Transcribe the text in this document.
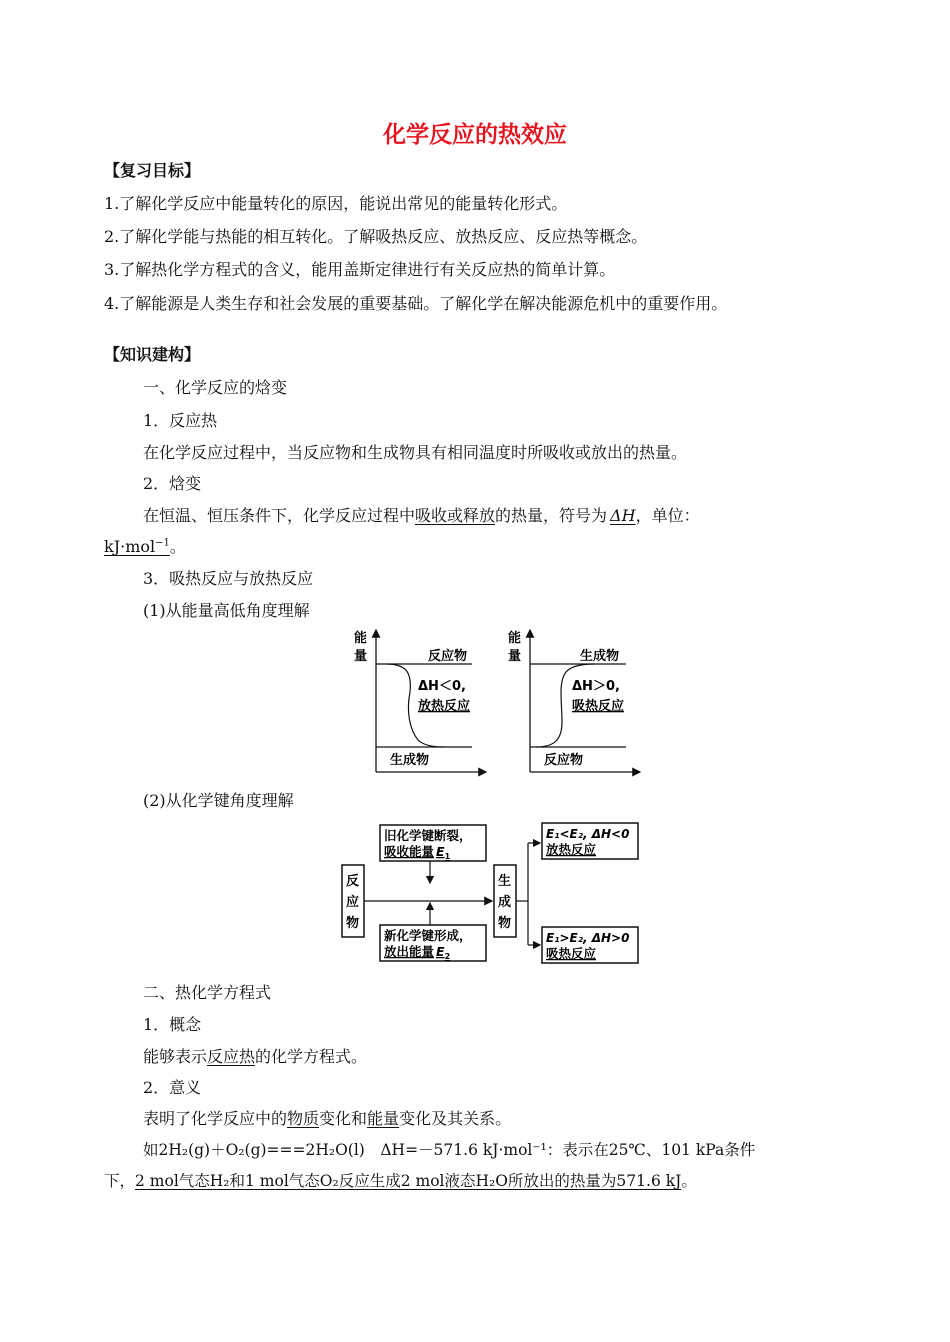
化学反应的热效应
【复习目标】
1.了解化学反应中能量转化的原因，能说出常见的能量转化形式。
2.了解化学能与热能的相互转化。了解吸热反应、放热反应、反应热等概念。
3.了解热化学方程式的含义，能用盖斯定律进行有关反应热的简单计算。
4.了解能源是人类生存和社会发展的重要基础。了解化学在解决能源危机中的重要作用。
【知识建构】
一、化学反应的焓变
1．反应热
在化学反应过程中，当反应物和生成物具有相同温度时所吸收或放出的热量。
2．焓变
在恒温、恒压条件下，化学反应过程中吸收或释放的热量，符号为 ΔH，单位：
kJ·mol$^{-1}$。
3．吸热反应与放热反应
(1)从能量高低角度理解
能
量	反应物
ΔH＜0,
放热反应
生成物
能
量	生成物
ΔH＞0,
吸热反应
反应物
(2)从化学键角度理解
反
应
物
旧化学键断裂，
吸收能量 $E_1$
新化学键形成，
放出能量 $E_2$
生
成
物
E₁<E₂, ΔH<0
放热反应
E₁>E₂, ΔH>0
吸热反应
二、热化学方程式
1．概念
能够表示反应热的化学方程式。
2．意义
表明了化学反应中的物质变化和能量变化及其关系。
如2H₂(g)＋O₂(g)===2H₂O(l)　ΔH=－571.6 kJ·mol⁻¹：表示在25℃、101 kPa条件
下，2 mol气态H₂和1 mol气态O₂反应生成2 mol液态H₂O所放出的热量为571.6 kJ。
